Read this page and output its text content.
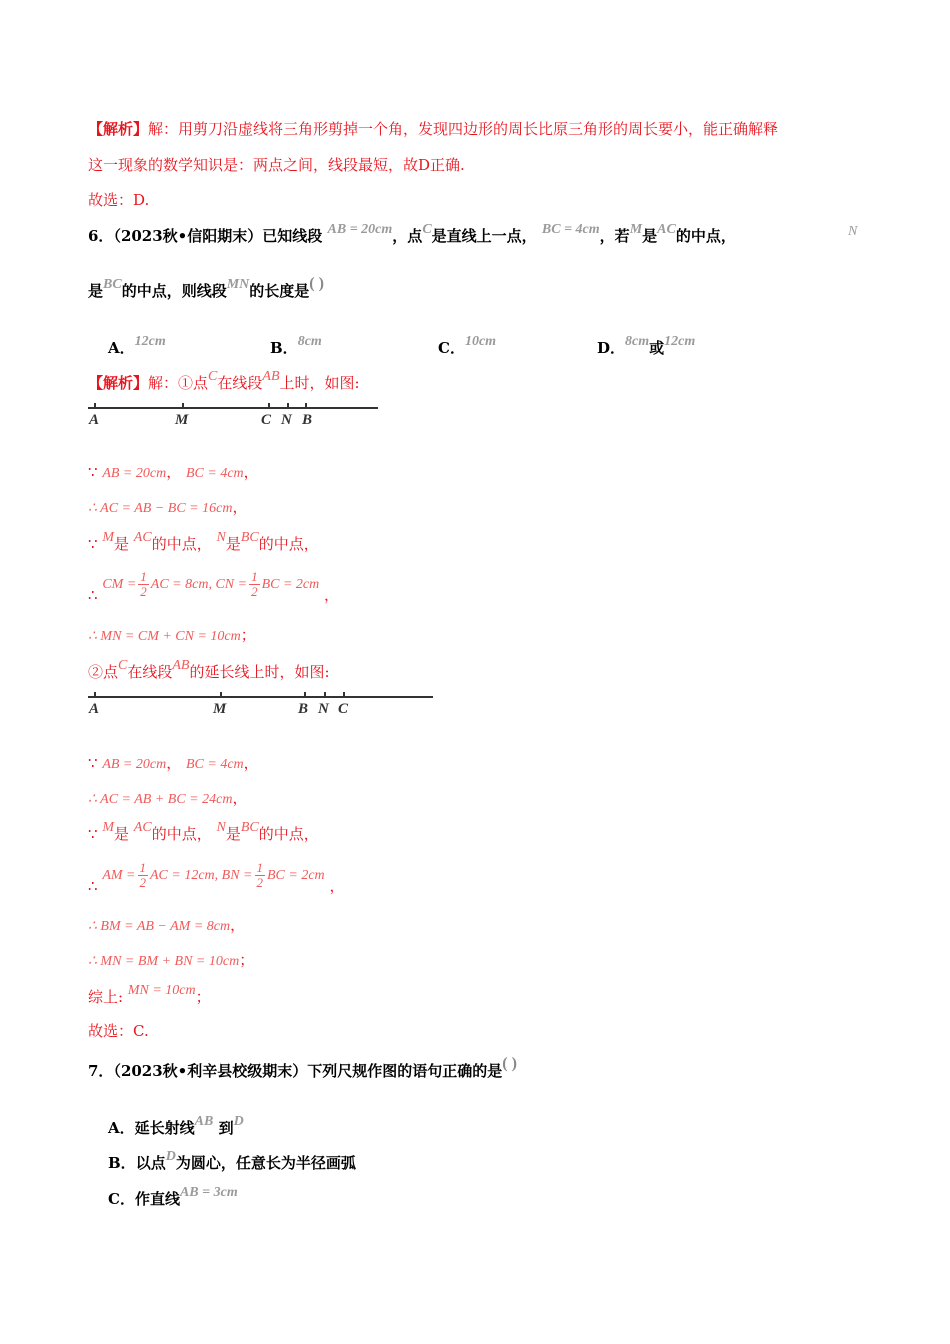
【解析】解：用剪刀沿虚线将三角形剪掉一个角，发现四边形的周长比原三角形的周长要小，能正确解释
这一现象的数学知识是：两点之间，线段最短，故D正确.
故选：D.
6．（2023秋•信阳期末）已知线段 AB = 20cm，点C是直线上一点， BC = 4cm，若M是AC的中点，	N
是BC的中点，则线段MN的长度是( )
A．12cm	B．8cm	C．10cm	D．8cm或12cm
【解析】解：①点C在线段AB上时，如图:
A	M	C N B
∵ AB = 20cm， BC = 4cm，
∴ AC = AB − BC = 16cm，
∵ M是 AC的中点， N是BC的中点，
∴ CM = $\frac{1}{2}$ AC = 8cm, CN = $\frac{1}{2}$ BC = 2cm ，
∴ MN = CM + CN = 10cm；
②点C在线段AB的延长线上时，如图:
A	M	B N C
∵ AB = 20cm， BC = 4cm，
∴ AC = AB + BC = 24cm，
∵ M是 AC的中点， N是BC的中点，
∴ AM = $\frac{1}{2}$ AC = 12cm, BN = $\frac{1}{2}$ BC = 2cm ，
∴ BM = AB − AM = 8cm，
∴ MN = BM + BN = 10cm；
综上: MN = 10cm；
故选：C.
7．（2023秋•利辛县校级期末）下列尺规作图的语句正确的是( )
A．延长射线AB 到D
B．以点D为圆心，任意长为半径画弧
C．作直线AB = 3cm
